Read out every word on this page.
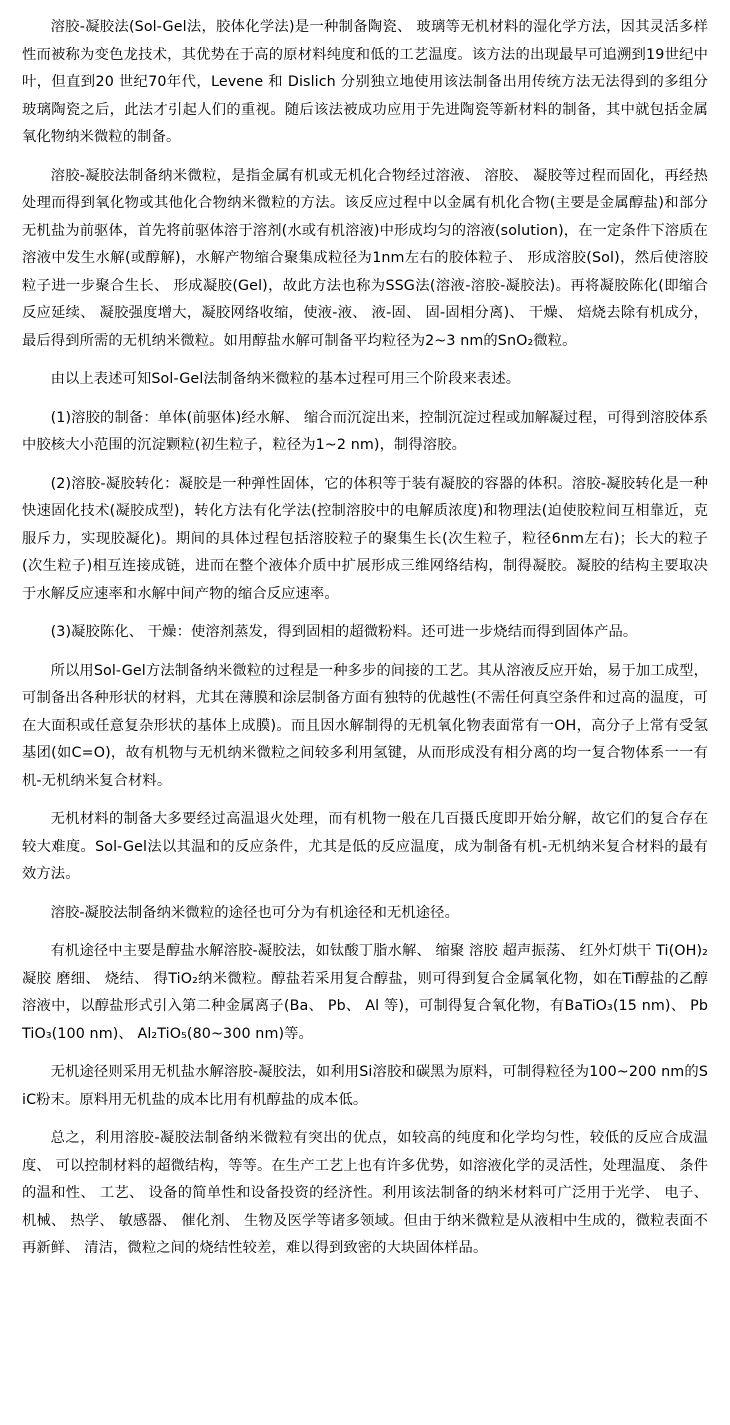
溶胶-凝胶法(Sol-Gel法，胶体化学法)是一种制备陶瓷、 玻璃等无机材料的湿化学方法，因其灵活多样性而被称为变色龙技术，其优势在于高的原材料纯度和低的工艺温度。该方法的出现最早可追溯到19世纪中叶，但直到20 世纪70年代，Levene 和 Dislich 分别独立地使用该法制备出用传统方法无法得到的多组分玻璃陶瓷之后，此法才引起人们的重视。随后该法被成功应用于先进陶瓷等新材料的制备，其中就包括金属氧化物纳米微粒的制备。

溶胶-凝胶法制备纳米微粒，是指金属有机或无机化合物经过溶液、 溶胶、 凝胶等过程而固化，再经热处理而得到氧化物或其他化合物纳米微粒的方法。该反应过程中以金属有机化合物(主要是金属醇盐)和部分无机盐为前驱体，首先将前驱体溶于溶剂(水或有机溶液)中形成均匀的溶液(solution)，在一定条件下溶质在溶液中发生水解(或醇解)，水解产物缩合聚集成粒径为1nm左右的胶体粒子、 形成溶胶(Sol)，然后使溶胶粒子进一步聚合生长、 形成凝胶(Gel)，故此方法也称为SSG法(溶液-溶胶-凝胶法)。再将凝胶陈化(即缩合反应延续、 凝胶强度增大，凝胶网络收缩，使液-液、 液-固、 固-固相分离)、 干燥、 焙烧去除有机成分，最后得到所需的无机纳米微粒。如用醇盐水解可制备平均粒径为2~3 nm的SnO₂微粒。

由以上表述可知Sol-Gel法制备纳米微粒的基本过程可用三个阶段来表述。

(1)溶胶的制备：单体(前驱体)经水解、 缩合而沉淀出来，控制沉淀过程或加解凝过程，可得到溶胶体系中胶核大小范围的沉淀颗粒(初生粒子，粒径为1~2 nm)，制得溶胶。

(2)溶胶-凝胶转化：凝胶是一种弹性固体，它的体积等于装有凝胶的容器的体积。溶胶-凝胶转化是一种快速固化技术(凝胶成型)，转化方法有化学法(控制溶胶中的电解质浓度)和物理法(迫使胶粒间互相靠近，克服斥力，实现胶凝化)。期间的具体过程包括溶胶粒子的聚集生长(次生粒子，粒径6nm左右)；长大的粒子(次生粒子)相互连接成链，进而在整个液体介质中扩展形成三维网络结构，制得凝胶。凝胶的结构主要取决于水解反应速率和水解中间产物的缩合反应速率。

(3)凝胶陈化、 干燥：使溶剂蒸发，得到固相的超微粉料。还可进一步烧结而得到固体产品。

所以用Sol-Gel方法制备纳米微粒的过程是一种多步的间接的工艺。其从溶液反应开始，易于加工成型，可制备出各种形状的材料，尤其在薄膜和涂层制备方面有独特的优越性(不需任何真空条件和过高的温度，可在大面积或任意复杂形状的基体上成膜)。而且因水解制得的无机氧化物表面常有一OH，高分子上常有受氢基团(如C=O)，故有机物与无机纳米微粒之间较多利用氢键，从而形成没有相分离的均一复合物体系一一有机-无机纳米复合材料。

无机材料的制备大多要经过高温退火处理，而有机物一般在几百摄氏度即开始分解，故它们的复合存在较大难度。Sol-Gel法以其温和的反应条件，尤其是低的反应温度，成为制备有机-无机纳米复合材料的最有效方法。

溶胶-凝胶法制备纳米微粒的途径也可分为有机途径和无机途径。

有机途径中主要是醇盐水解溶胶-凝胶法，如钛酸丁脂水解、 缩聚 溶胶 超声振荡、 红外灯烘干 Ti(OH)₂凝胶 磨细、 烧结、 得TiO₂纳米微粒。醇盐若采用复合醇盐，则可得到复合金属氧化物，如在Ti醇盐的乙醇溶液中，以醇盐形式引入第二种金属离子(Ba、 Pb、 Al 等)，可制得复合氧化物，有BaTiO₃(15 nm)、 PbTiO₃(100 nm)、 Al₂TiO₅(80~300 nm)等。

无机途径则采用无机盐水解溶胶-凝胶法，如利用Si溶胶和碳黑为原料，可制得粒径为100~200 nm的SiC粉末。原料用无机盐的成本比用有机醇盐的成本低。

总之，利用溶胶-凝胶法制备纳米微粒有突出的优点，如较高的纯度和化学均匀性，较低的反应合成温度、 可以控制材料的超微结构，等等。在生产工艺上也有许多优势，如溶液化学的灵活性，处理温度、 条件的温和性、 工艺、 设备的简单性和设备投资的经济性。利用该法制备的纳米材料可广泛用于光学、 电子、 机械、 热学、 敏感器、 催化剂、 生物及医学等诸多领域。但由于纳米微粒是从液相中生成的，微粒表面不再新鲜、 清洁，微粒之间的烧结性较差，难以得到致密的大块固体样品。
